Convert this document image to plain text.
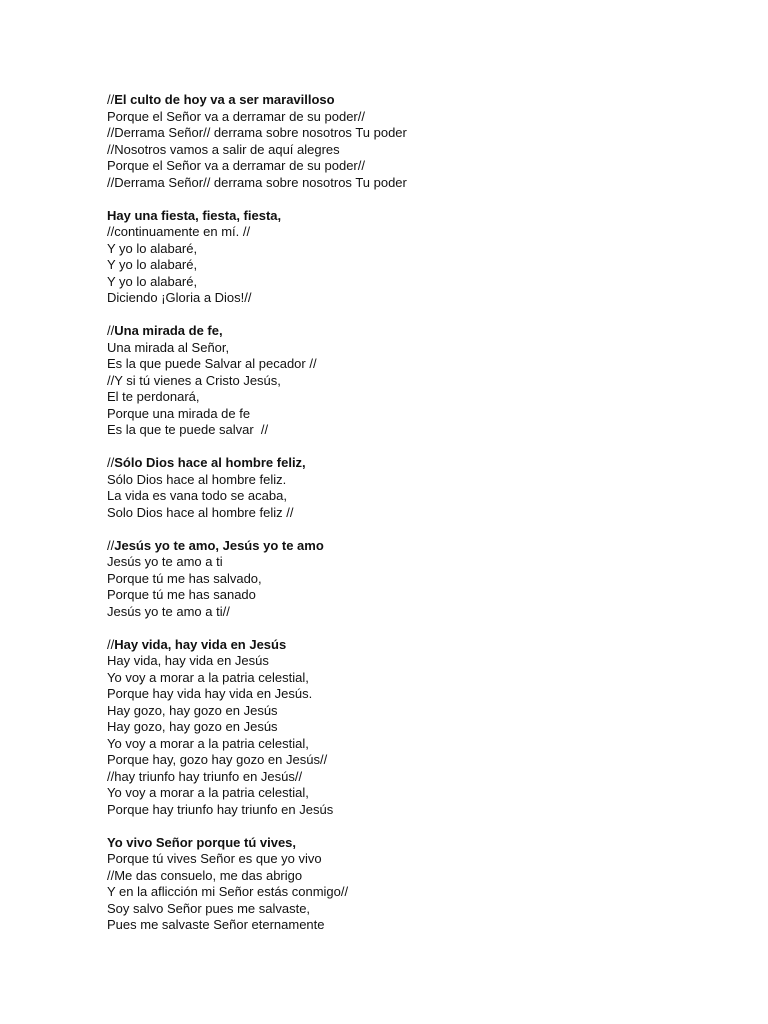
//El culto de hoy va a ser maravilloso
Porque el Señor va a derramar de su poder//
//Derrama Señor// derrama sobre nosotros Tu poder
//Nosotros vamos a salir de aquí alegres
Porque el Señor va a derramar de su poder//
//Derrama Señor// derrama sobre nosotros Tu poder
Hay una fiesta, fiesta, fiesta,
//continuamente en mí. //
Y yo lo alabaré,
Y yo lo alabaré,
Y yo lo alabaré,
Diciendo ¡Gloria a Dios!//
//Una mirada de fe,
Una mirada al Señor,
Es la que puede Salvar al pecador //
//Y si tú vienes a Cristo Jesús,
El te perdonará,
Porque una mirada de fe
Es la que te puede salvar  //
//Sólo Dios hace al hombre feliz,
Sólo Dios hace al hombre feliz.
La vida es vana todo se acaba,
Solo Dios hace al hombre feliz //
//Jesús yo te amo, Jesús yo te amo
Jesús yo te amo a ti
Porque tú me has salvado,
Porque tú me has sanado
Jesús yo te amo a ti//
//Hay vida, hay vida en Jesús
Hay vida, hay vida en Jesús
Yo voy a morar a la patria celestial,
Porque hay vida hay vida en Jesús.
Hay gozo, hay gozo en Jesús
Hay gozo, hay gozo en Jesús
Yo voy a morar a la patria celestial,
Porque hay, gozo hay gozo en Jesús//
//hay triunfo hay triunfo en Jesús//
Yo voy a morar a la patria celestial,
Porque hay triunfo hay triunfo en Jesús
Yo vivo Señor porque tú vives,
Porque tú vives Señor es que yo vivo
//Me das consuelo, me das abrigo
Y en la aflicción mi Señor estás conmigo//
Soy salvo Señor pues me salvaste,
Pues me salvaste Señor eternamente
